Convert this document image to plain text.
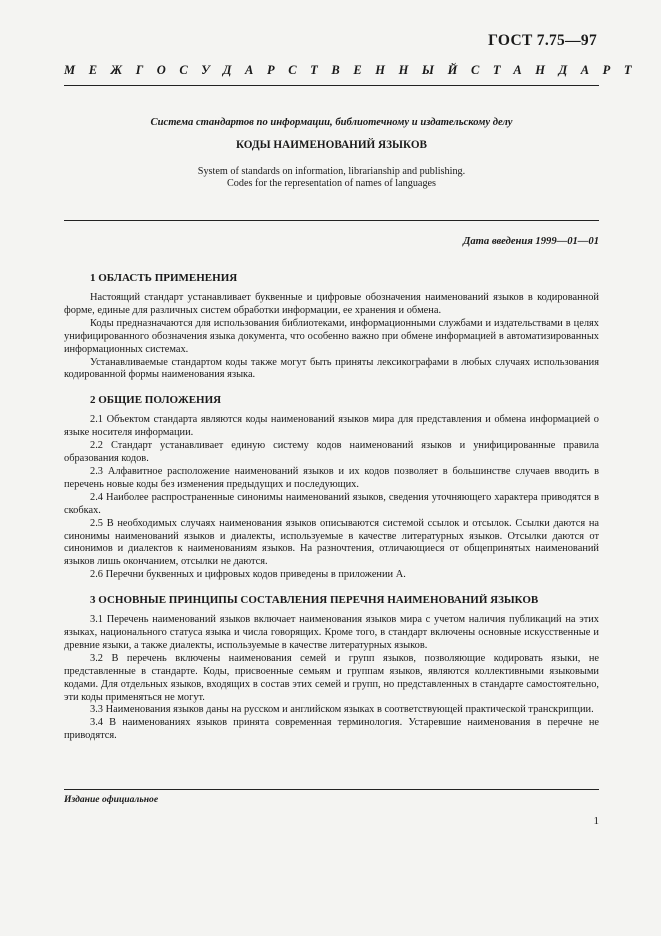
ГОСТ 7.75—97
МЕЖГОСУДАРСТВЕННЫЙ СТАНДАРТ
Система стандартов по информации, библиотечному и издательскому делу
КОДЫ НАИМЕНОВАНИЙ ЯЗЫКОВ
System of standards on information, librarianship and publishing.
Codes for the representation of names of languages
Дата введения 1999—01—01
1 ОБЛАСТЬ ПРИМЕНЕНИЯ

Настоящий стандарт устанавливает буквенные и цифровые обозначения наименований языков в кодированной форме, единые для различных систем обработки информации, ее хранения и обмена.

Коды предназначаются для использования библиотеками, информационными службами и издательствами в целях унифицированного обозначения языка документа, что особенно важно при обмене информацией в автоматизированных информационных системах.

Устанавливаемые стандартом коды также могут быть приняты лексикографами в любых случаях использования кодированной формы наименования языка.

2 ОБЩИЕ ПОЛОЖЕНИЯ

2.1 Объектом стандарта являются коды наименований языков мира для представления и обмена информацией о языке носителя информации.

2.2 Стандарт устанавливает единую систему кодов наименований языков и унифицированные правила образования кодов.

2.3 Алфавитное расположение наименований языков и их кодов позволяет в большинстве случаев вводить в перечень новые коды без изменения предыдущих и последующих.

2.4 Наиболее распространенные синонимы наименований языков, сведения уточняющего характера приводятся в скобках.

2.5 В необходимых случаях наименования языков описываются системой ссылок и отсылок. Ссылки даются на синонимы наименований языков и диалекты, используемые в качестве литературных языков. Отсылки даются от синонимов и диалектов к наименованиям языков. На разночтения, отличающиеся от общепринятых наименований языков лишь окончанием, отсылки не даются.

2.6 Перечни буквенных и цифровых кодов приведены в приложении А.

3 ОСНОВНЫЕ ПРИНЦИПЫ СОСТАВЛЕНИЯ ПЕРЕЧНЯ НАИМЕНОВАНИЙ ЯЗЫКОВ

3.1 Перечень наименований языков включает наименования языков мира с учетом наличия публикаций на этих языках, национального статуса языка и числа говорящих. Кроме того, в стандарт включены основные искусственные и древние языки, а также диалекты, используемые в качестве литературных языков.

3.2 В перечень включены наименования семей и групп языков, позволяющие кодировать языки, не представленные в стандарте. Коды, присвоенные семьям и группам языков, являются коллективными языковыми кодами. Для отдельных языков, входящих в состав этих семей и групп, но представленных в стандарте самостоятельно, эти коды применяться не могут.

3.3 Наименования языков даны на русском и английском языках в соответствующей практической транскрипции.

3.4 В наименованиях языков принята современная терминология. Устаревшие наименования в перечне не приводятся.

Издание официальное
1
